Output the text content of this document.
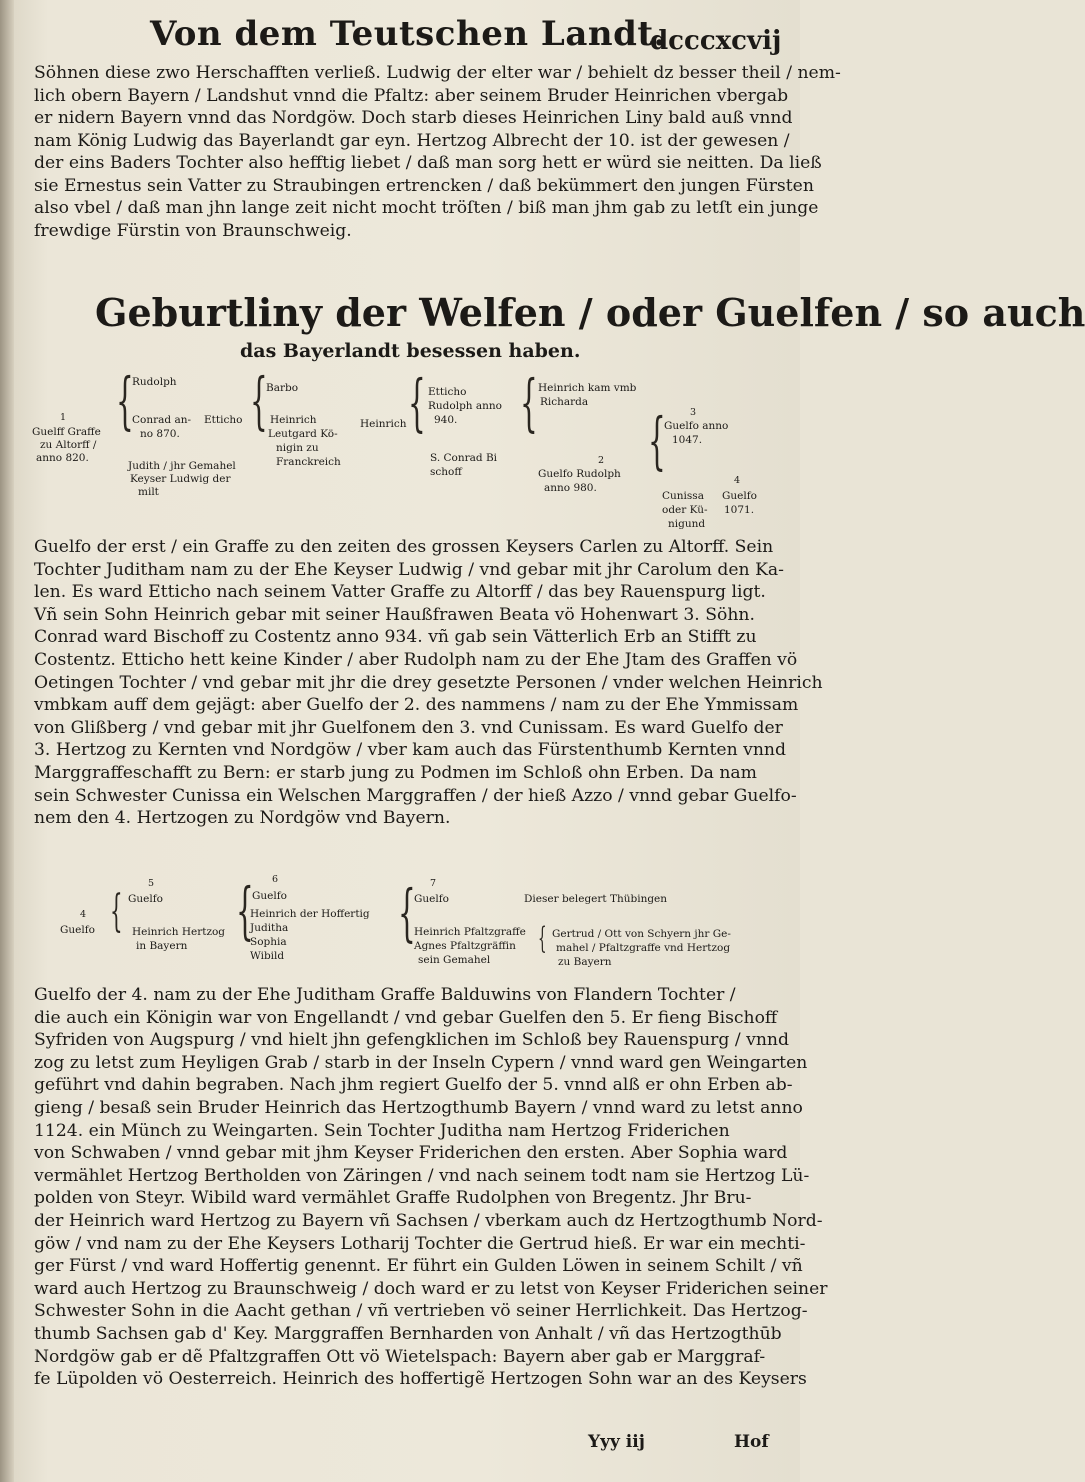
Von dem Teutschen Landt.
dcccxcvij

Söhnen diese zwo Herschafften verließ. Ludwig der elter war / behielt dz besser theil / nem-

lich obern Bayern / Landshut vnnd die Pfaltz: aber seinem Bruder Heinrichen vbergab

er nidern Bayern vnnd das Nordgöw. Doch starb dieses Heinrichen Liny bald auß vnnd

nam König Ludwig das Bayerlandt gar eyn. Hertzog Albrecht der 10. ist der gewesen /

der eins Baders Tochter also hefftig liebet / daß man sorg hett er würd sie neitten. Da ließ

sie Ernestus sein Vatter zu Straubingen ertrencken / daß bekümmert den jungen Fürsten

also vbel / daß man jhn lange zeit nicht mocht tröſten / biß man jhm gab zu letſt ein junge

frewdige Fürstin von Braunschweig.

Geburtliny der Welfen / oder Guelfen / so auch
das Bayerlandt besessen haben.
1
Guelff Graffe
zu Altorff /
anno 820.
{
Rudolph
Conrad an-
no 870.
Judith / jhr Gemahel
Keyser Ludwig der
milt
Etticho {
Barbo
Heinrich
Leutgard Kö-
nigin zu
Franckreich
Heinrich { Etticho
Rudolph anno
940.
S. Conrad Bi
schoff
{ Heinrich kam vmb
Richarda
2
Guelfo Rudolph
anno 980.
{	3
Guelfo anno
1047.
Cunissa
oder Kü-
nigund
4
Guelfo
1071.

Guelfo der erst / ein Graffe zu den zeiten des grossen Keysers Carlen zu Altorff. Sein

Tochter Juditham nam zu der Ehe Keyser Ludwig / vnd gebar mit jhr Carolum den Ka-

len. Es ward Etticho nach seinem Vatter Graffe zu Altorff / das bey Rauenspurg ligt.

Vñ sein Sohn Heinrich gebar mit seiner Haußfrawen Beata vö Hohenwart 3. Söhn.

Conrad ward Bischoff zu Costentz anno 934. vñ gab sein Vätterlich Erb an Stifft zu

Costentz. Etticho hett keine Kinder / aber Rudolph nam zu der Ehe Jtam des Graffen vö

Oetingen Tochter / vnd gebar mit jhr die drey gesetzte Personen / vnder welchen Heinrich

vmbkam auff dem gejägt: aber Guelfo der 2. des nammens / nam zu der Ehe Ymmissam

von Glißberg / vnd gebar mit jhr Guelfonem den 3. vnd Cunissam. Es ward Guelfo der

3. Hertzog zu Kernten vnd Nordgöw / vber kam auch das Fürstenthumb Kernten vnnd

Marggraffeschafft zu Bern: er starb jung zu Podmen im Schloß ohn Erben. Da nam

sein Schwester Cunissa ein Welschen Marggraffen / der hieß Azzo / vnnd gebar Guelfo-

nem den 4. Hertzogen zu Nordgöw vnd Bayern.

4
Guelfo {
5
Guelfo
Heinrich Hertzog
in Bayern { 6
Guelfo
Heinrich der Hoffertig
Juditha
Sophia
Wibild
{ 7
Guelfo
Heinrich Pfaltzgraffe
Agnes Pfaltzgräffin
sein Gemahel
Dieser belegert Thübingen
{ Gertrud / Ott von Schyern jhr Ge-
mahel / Pfaltzgraffe vnd Hertzog
zu Bayern

Guelfo der 4. nam zu der Ehe Juditham Graffe Balduwins von Flandern Tochter /

die auch ein Königin war von Engellandt / vnd gebar Guelfen den 5. Er fieng Bischoff

Syfriden von Augspurg / vnd hielt jhn gefengklichen im Schloß bey Rauenspurg / vnnd

zog zu letst zum Heyligen Grab / starb in der Inseln Cypern / vnnd ward gen Weingarten

geführt vnd dahin begraben. Nach jhm regiert Guelfo der 5. vnnd alß er ohn Erben ab-

gieng / besaß sein Bruder Heinrich das Hertzogthumb Bayern / vnnd ward zu letst anno

1124. ein Münch zu Weingarten. Sein Tochter Juditha nam Hertzog Friderichen

von Schwaben / vnnd gebar mit jhm Keyser Friderichen den ersten. Aber Sophia ward

vermählet Hertzog Bertholden von Zäringen / vnd nach seinem todt nam sie Hertzog Lü-

polden von Steyr. Wibild ward vermählet Graffe Rudolphen von Bregentz. Jhr Bru-

der Heinrich ward Hertzog zu Bayern vñ Sachsen / vberkam auch dz Hertzogthumb Nord-

göw / vnd nam zu der Ehe Keysers Lotharij Tochter die Gertrud hieß. Er war ein mechti-

ger Fürst / vnd ward Hoffertig genennt. Er führt ein Gulden Löwen in seinem Schilt / vñ

ward auch Hertzog zu Braunschweig / doch ward er zu letst von Keyser Friderichen seiner

Schwester Sohn in die Aacht gethan / vñ vertrieben vö seiner Herrlichkeit. Das Hertzog-

thumb Sachsen gab d' Key. Marggraffen Bernharden von Anhalt / vñ das Hertzogthūb

Nordgöw gab er dẽ Pfaltzgraffen Ott vö Wietelspach: Bayern aber gab er Marggraf-

fe Lüpolden vö Oesterreich. Heinrich des hoffertigẽ Hertzogen Sohn war an des Keysers

Yyy iij	Hof
